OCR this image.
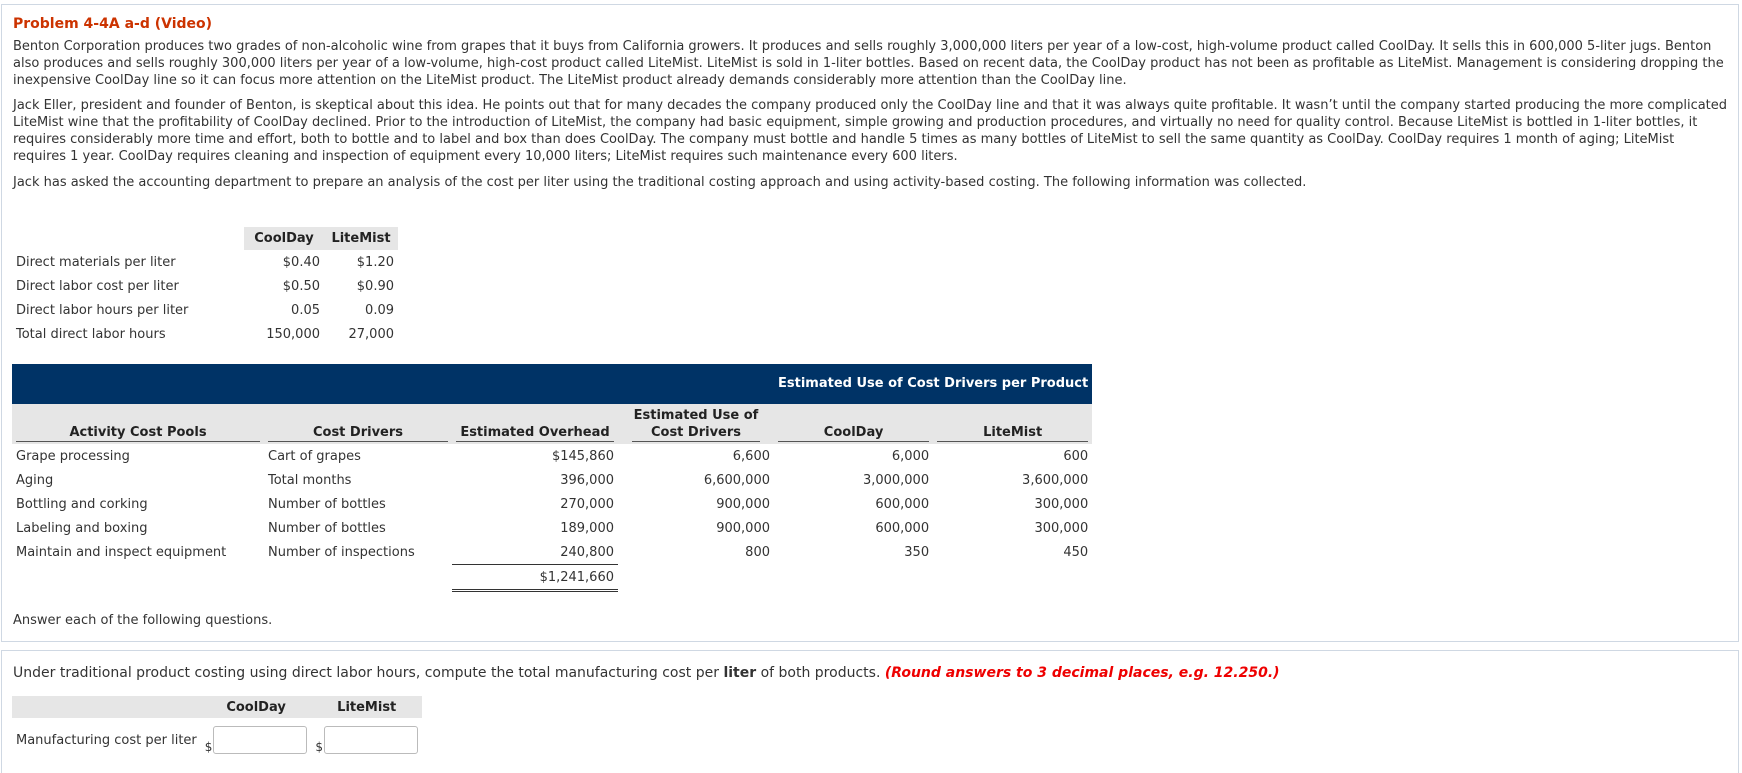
Problem 4-4A a-d (Video)

Benton Corporation produces two grades of non-alcoholic wine from grapes that it buys from California growers. It produces and sells roughly 3,000,000 liters per year of a low-cost, high-volume product called CoolDay. It sells this in 600,000 5-liter jugs. Benton also produces and sells roughly 300,000 liters per year of a low-volume, high-cost product called LiteMist. LiteMist is sold in 1-liter bottles. Based on recent data, the CoolDay product has not been as profitable as LiteMist. Management is considering dropping the inexpensive CoolDay line so it can focus more attention on the LiteMist product. The LiteMist product already demands considerably more attention than the CoolDay line.

Jack Eller, president and founder of Benton, is skeptical about this idea. He points out that for many decades the company produced only the CoolDay line and that it was always quite profitable. It wasn’t until the company started producing the more complicated LiteMist wine that the profitability of CoolDay declined. Prior to the introduction of LiteMist, the company had basic equipment, simple growing and production procedures, and virtually no need for quality control. Because LiteMist is bottled in 1-liter bottles, it requires considerably more time and effort, both to bottle and to label and box than does CoolDay. The company must bottle and handle 5 times as many bottles of LiteMist to sell the same quantity as CoolDay. CoolDay requires 1 month of aging; LiteMist requires 1 year. CoolDay requires cleaning and inspection of equipment every 10,000 liters; LiteMist requires such maintenance every 600 liters.

Jack has asked the accounting department to prepare an analysis of the cost per liter using the traditional costing approach and using activity-based costing. The following information was collected.

	CoolDay	LiteMist
Direct materials per liter	$0.40	$1.20
Direct labor cost per liter	$0.50	$0.90
Direct labor hours per liter	0.05	0.09
Total direct labor hours	150,000	27,000
				Estimated Use of Cost Drivers per Product	

Activity Cost Pools	Cost Drivers	Estimated Overhead	Estimated Use of Cost Drivers	CoolDay	LiteMist

Grape processing	Cart of grapes	$145,860	6,600	6,000	600
Aging	Total months	396,000	6,600,000	3,000,000	3,600,000
Bottling and corking	Number of bottles	270,000	900,000	600,000	300,000
Labeling and boxing	Number of bottles	189,000	900,000	600,000	300,000
Maintain and inspect equipment	Number of inspections	240,800	800	350	450
		$1,241,660			
Answer each of the following questions.
Under traditional product costing using direct labor hours, compute the total manufacturing cost per liter of both products. (Round answers to 3 decimal places, e.g. 12.250.)
	CoolDay	LiteMist
Manufacturing cost per liter	$	$
